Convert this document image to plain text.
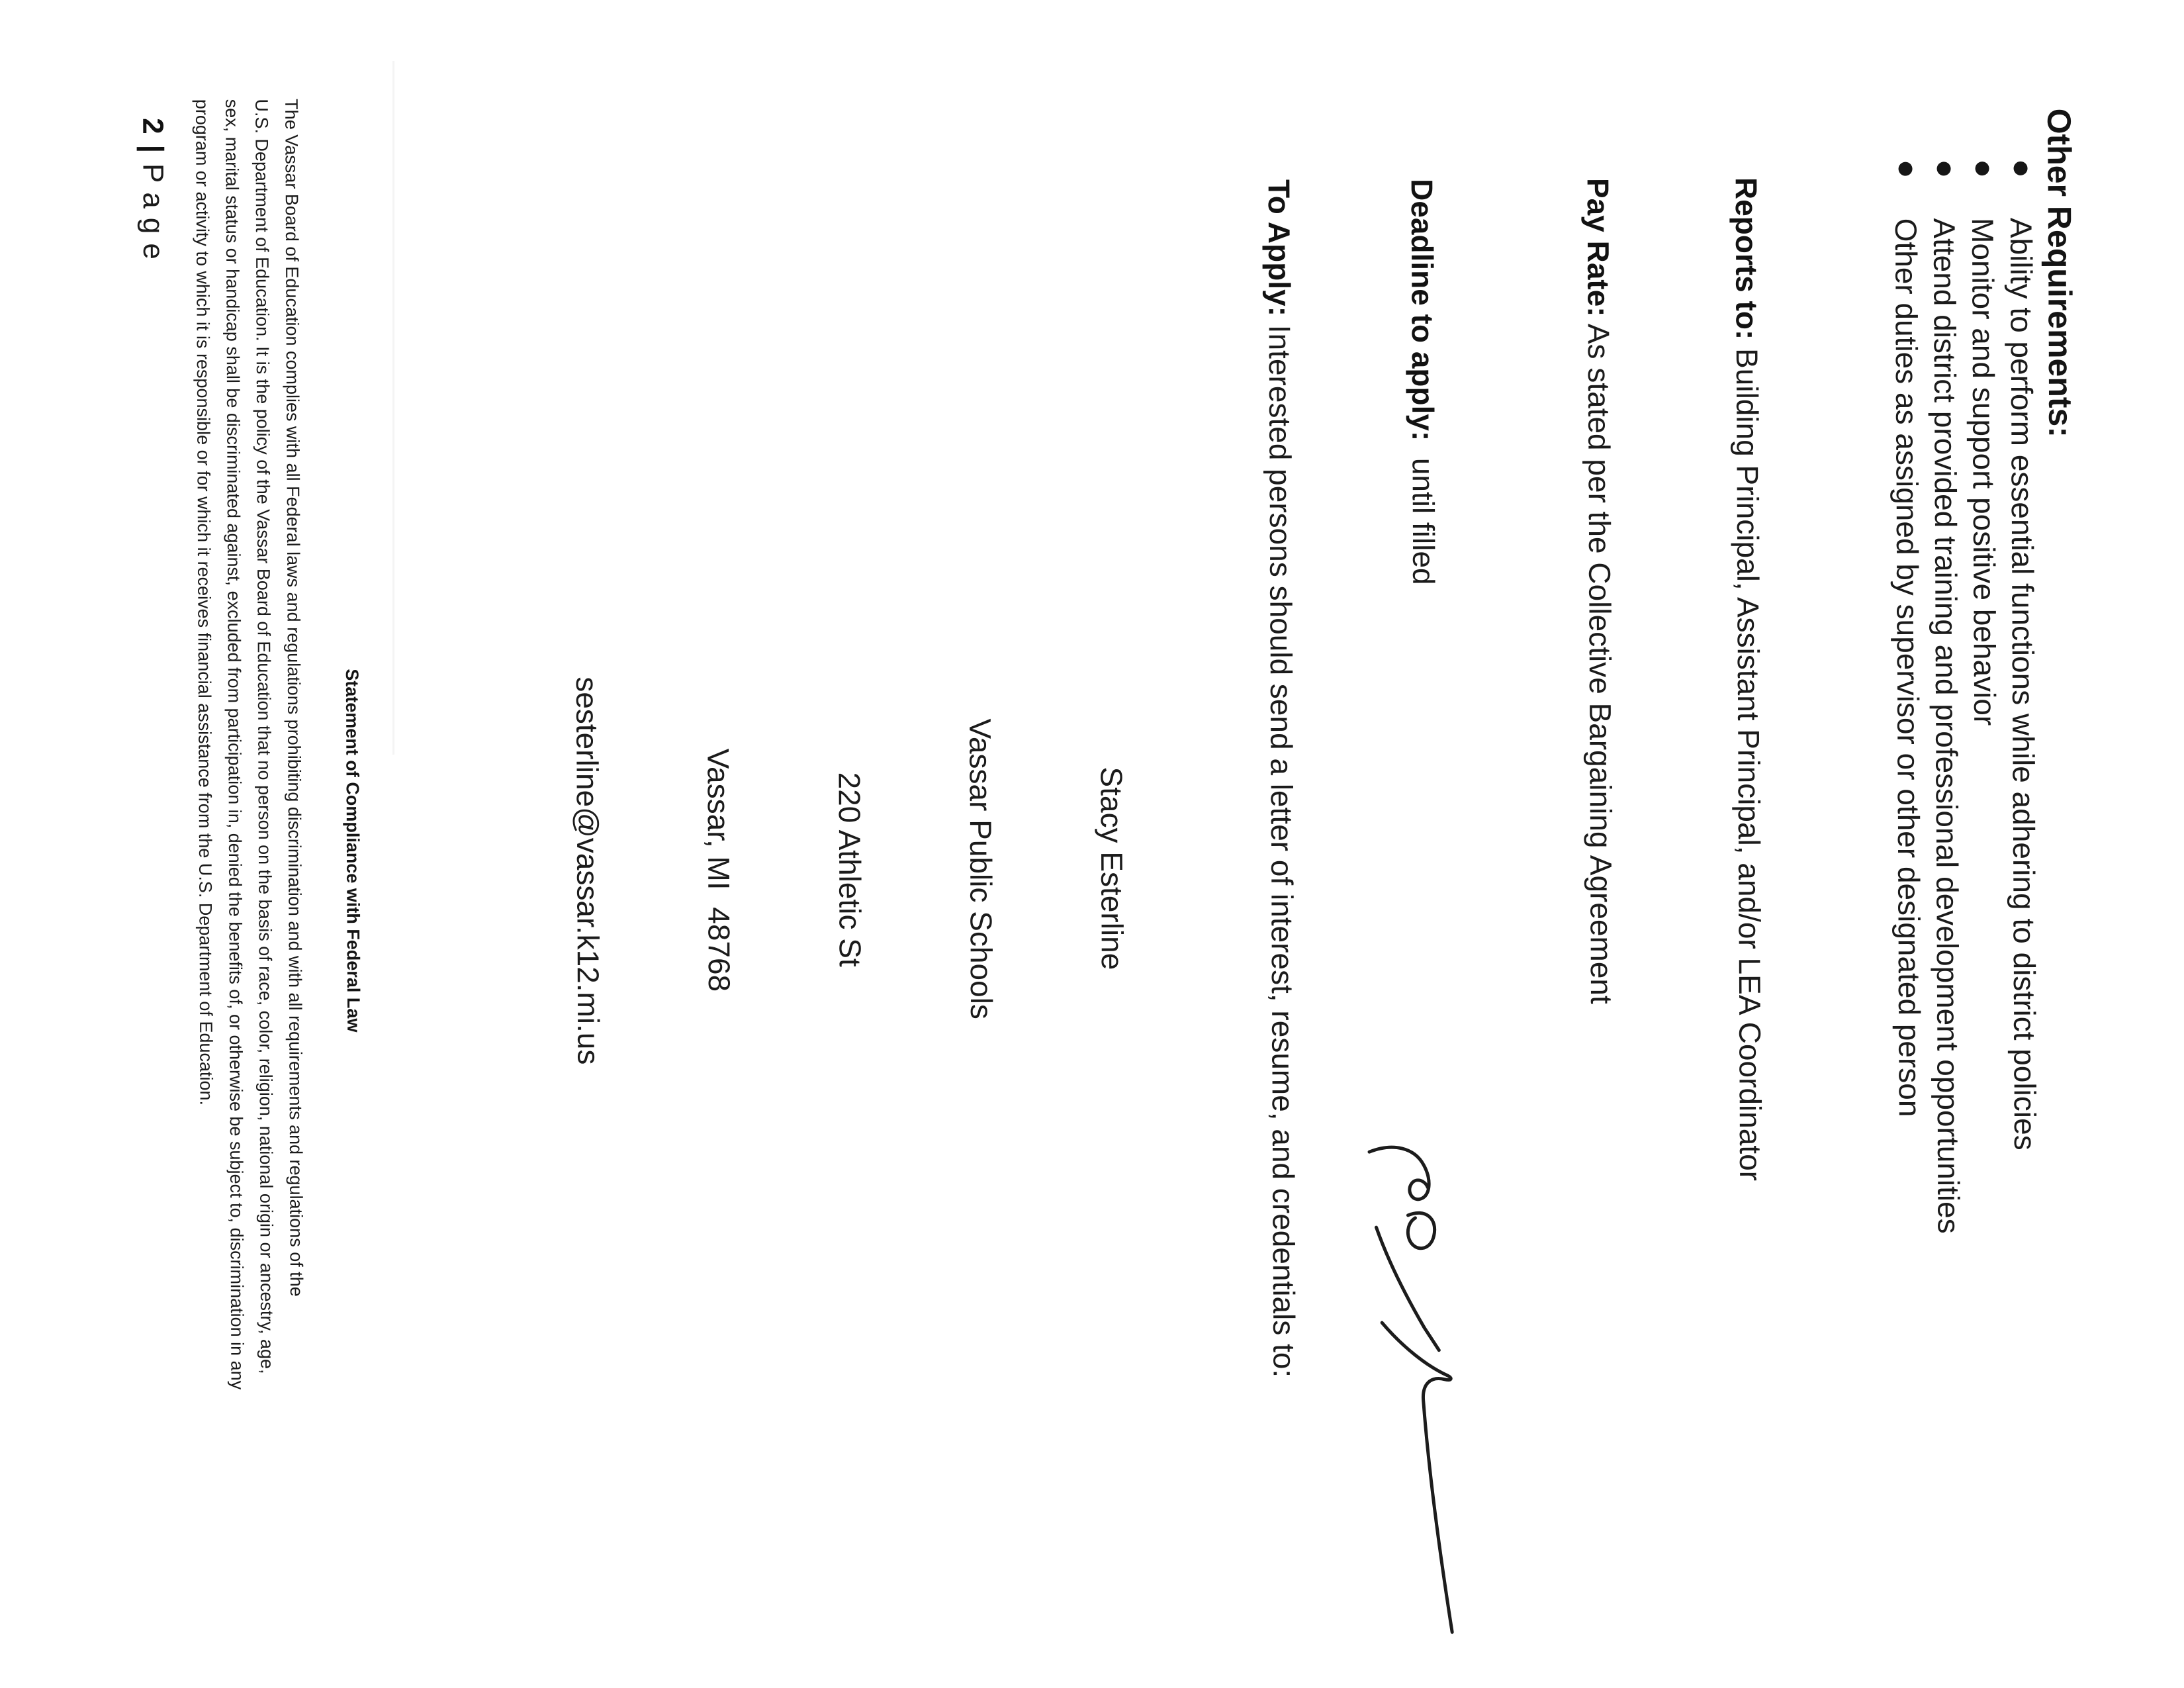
Other Requirements:
Ability to perform essential functions while adhering to district policies
Monitor and support positive behavior
Attend district provided training and professional development opportunities
Other duties as assigned by supervisor or other designated person

Reports to: Building Principal, Assistant Principal, and/or LEA Coordinator

Pay Rate: As stated per the Collective Bargaining Agreement

Deadline to apply:  until filled

To Apply: Interested persons should send a letter of interest, resume, and credentials to:

Stacy Esterline

Vassar Public Schools

220 Athletic St

Vassar, MI  48768

sesterline@vassar.k12.mi.us

Statement of Compliance with Federal Law
The Vassar Board of Education complies with all Federal laws and regulations prohibiting discrimination and with all requirements and regulations of the
U.S. Department of Education. It is the policy of the Vassar Board of Education that no person on the basis of race, color, religion, national origin or ancestry, age,
sex, marital status or handicap shall be discriminated against, excluded from participation in, denied the benefits of, or otherwise be subject to, discrimination in any
program or activity to which it is responsible or for which it receives financial assistance from the U.S. Department of Education.
2|Page
